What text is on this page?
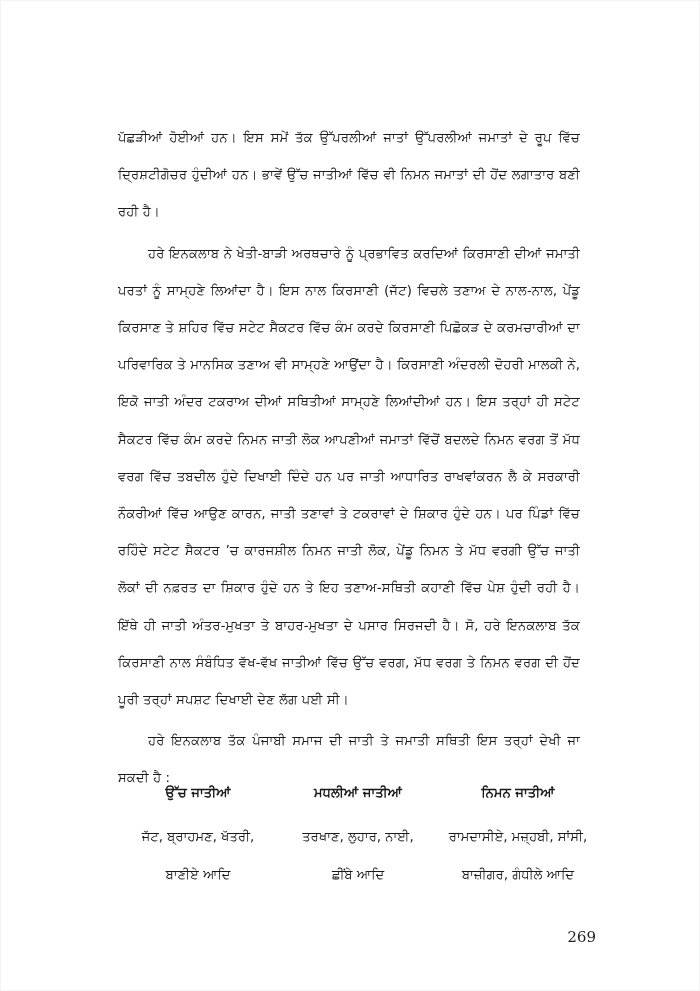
ਪੱਛੜੀਆਂ ਹੋਈਆਂ ਹਨ। ਇਸ ਸਮੇਂ ਤੱਕ ਉੱਪਰਲੀਆਂ ਜਾਤਾਂ ਉੱਪਰਲੀਆਂ ਜਮਾਤਾਂ ਦੇ ਰੂਪ ਵਿੱਚ ਦ੍ਰਿਸ਼ਟੀਗੋਚਰ ਹੁੰਦੀਆਂ ਹਨ। ਭਾਵੇਂ ਉੱਚ ਜਾਤੀਆਂ ਵਿੱਚ ਵੀ ਨਿਮਨ ਜਮਾਤਾਂ ਦੀ ਹੋਂਦ ਲਗਾਤਾਰ ਬਣੀ ਰਹੀ ਹੈ।

ਹਰੇ ਇਨਕਲਾਬ ਨੇ ਖੇਤੀ-ਬਾੜੀ ਅਰਥਚਾਰੇ ਨੂੰ ਪ੍ਰਭਾਵਿਤ ਕਰਦਿਆਂ ਕਿਰਸਾਣੀ ਦੀਆਂ ਜਮਾਤੀ ਪਰਤਾਂ ਨੂੰ ਸਾਮ੍ਹਣੇ ਲਿਆਂਦਾ ਹੈ। ਇਸ ਨਾਲ ਕਿਰਸਾਣੀ (ਜੱਟ) ਵਿਚਲੇ ਤਣਾਅ ਦੇ ਨਾਲ-ਨਾਲ, ਪੇਂਡੂ ਕਿਰਸਾਣ ਤੇ ਸ਼ਹਿਰ ਵਿੱਚ ਸਟੇਟ ਸੈਕਟਰ ਵਿੱਚ ਕੰਮ ਕਰਦੇ ਕਿਰਸਾਣੀ ਪਿਛੋਕੜ ਦੇ ਕਰਮਚਾਰੀਆਂ ਦਾ ਪਰਿਵਾਰਿਕ ਤੇ ਮਾਨਸਿਕ ਤਣਾਅ ਵੀ ਸਾਮ੍ਹਣੇ ਆਉਂਦਾ ਹੈ। ਕਿਰਸਾਣੀ ਅੰਦਰਲੀ ਦੋਹਰੀ ਮਾਲਕੀ ਨੇ, ਇਕੋ ਜਾਤੀ ਅੰਦਰ ਟਕਰਾਅ ਦੀਆਂ ਸਥਿਤੀਆਂ ਸਾਮ੍ਹਣੇ ਲਿਆਂਦੀਆਂ ਹਨ। ਇਸ ਤਰ੍ਹਾਂ ਹੀ ਸਟੇਟ ਸੈਕਟਰ ਵਿੱਚ ਕੰਮ ਕਰਦੇ ਨਿਮਨ ਜਾਤੀ ਲੋਕ ਆਪਣੀਆਂ ਜਮਾਤਾਂ ਵਿੱਚੋਂ ਬਦਲਦੇ ਨਿਮਨ ਵਰਗ ਤੋਂ ਮੱਧ ਵਰਗ ਵਿੱਚ ਤਬਦੀਲ ਹੁੰਦੇ ਦਿਖਾਈ ਦਿੰਦੇ ਹਨ ਪਰ ਜਾਤੀ ਆਧਾਰਿਤ ਰਾਖਵਾਂਕਰਨ ਲੈ ਕੇ ਸਰਕਾਰੀ ਨੌਕਰੀਆਂ ਵਿੱਚ ਆਉਣ ਕਾਰਨ, ਜਾਤੀ ਤਣਾਵਾਂ ਤੇ ਟਕਰਾਵਾਂ ਦੇ ਸ਼ਿਕਾਰ ਹੁੰਦੇ ਹਨ। ਪਰ ਪਿੰਡਾਂ ਵਿੱਚ ਰਹਿੰਦੇ ਸਟੇਟ ਸੈਕਟਰ ’ਚ ਕਾਰਜਸ਼ੀਲ ਨਿਮਨ ਜਾਤੀ ਲੋਕ, ਪੇਂਡੂ ਨਿਮਨ ਤੇ ਮੱਧ ਵਰਗੀ ਉੱਚ ਜਾਤੀ ਲੋਕਾਂ ਦੀ ਨਫ਼ਰਤ ਦਾ ਸ਼ਿਕਾਰ ਹੁੰਦੇ ਹਨ ਤੇ ਇਹ ਤਣਾਅ-ਸਥਿਤੀ ਕਹਾਣੀ ਵਿੱਚ ਪੇਸ਼ ਹੁੰਦੀ ਰਹੀ ਹੈ। ਇੱਥੇ ਹੀ ਜਾਤੀ ਅੰਤਰ-ਮੁਖਤਾ ਤੇ ਬਾਹਰ-ਮੁਖਤਾ ਦੇ ਪਸਾਰ ਸਿਰਜਦੀ ਹੈ। ਸੋ, ਹਰੇ ਇਨਕਲਾਬ ਤੱਕ ਕਿਰਸਾਣੀ ਨਾਲ ਸੰਬੰਧਿਤ ਵੱਖ-ਵੱਖ ਜਾਤੀਆਂ ਵਿੱਚ ਉੱਚ ਵਰਗ, ਮੱਧ ਵਰਗ ਤੇ ਨਿਮਨ ਵਰਗ ਦੀ ਹੋਂਦ ਪੂਰੀ ਤਰ੍ਹਾਂ ਸਪਸ਼ਟ ਦਿਖਾਈ ਦੇਣ ਲੱਗ ਪਈ ਸੀ।

ਹਰੇ ਇਨਕਲਾਬ ਤੱਕ ਪੰਜਾਬੀ ਸਮਾਜ ਦੀ ਜਾਤੀ ਤੇ ਜਮਾਤੀ ਸਥਿਤੀ ਇਸ ਤਰ੍ਹਾਂ ਦੇਖੀ ਜਾ ਸਕਦੀ ਹੈ :

ਉੱਚ ਜਾਤੀਆਂ	ਮਧਲੀਆਂ ਜਾਤੀਆਂ	ਨਿਮਨ ਜਾਤੀਆਂ
ਜੱਟ, ਬ੍ਰਾਹਮਣ, ਖੱਤਰੀ,	ਤਰਖਾਣ, ਲੁਹਾਰ, ਨਾਈ,	ਰਾਮਦਾਸੀਏ, ਮਜ਼੍ਹਬੀ, ਸਾਂਸੀ,
ਬਾਣੀਏ ਆਦਿ	ਛੀਂਬੇ ਆਦਿ	ਬਾਜ਼ੀਗਰ, ਗੰਧੀਲੇ ਆਦਿ
269
